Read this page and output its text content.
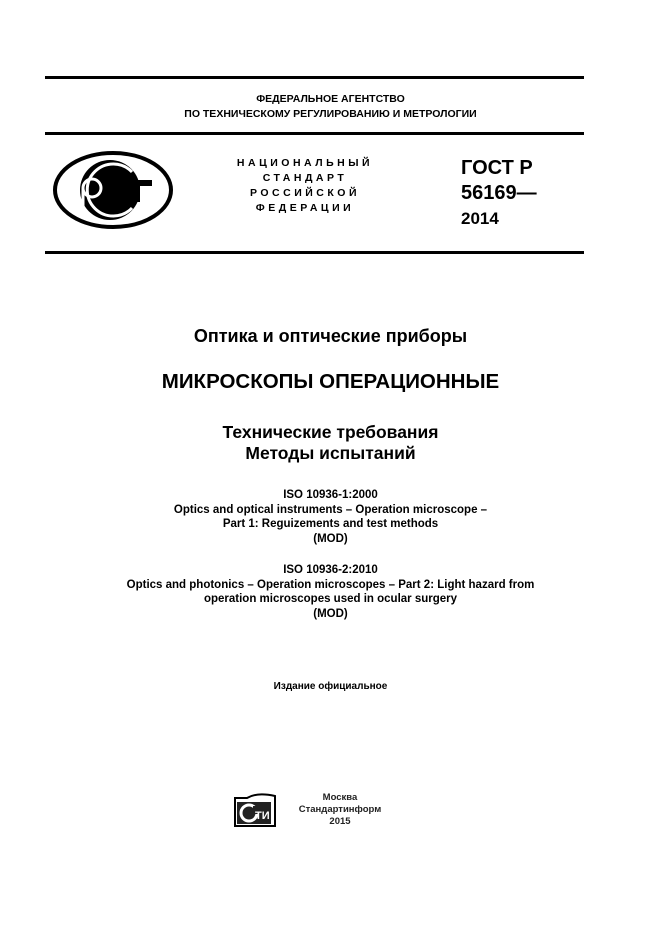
ФЕДЕРАЛЬНОЕ АГЕНТСТВО
ПО ТЕХНИЧЕСКОМУ РЕГУЛИРОВАНИЮ И МЕТРОЛОГИИ
НАЦИОНАЛЬНЫЙ
СТАНДАРТ
РОССИЙСКОЙ
ФЕДЕРАЦИИ
ГОСТ Р
56169—
2014
Оптика и оптические приборы
МИКРОСКОПЫ ОПЕРАЦИОННЫЕ
Технические требования
Методы испытаний
ISO 10936-1:2000
Optics and optical instruments – Operation microscope –
Part 1: Reguizements and test methods
(MOD)
ISO 10936-2:2010
Optics and photonics – Operation microscopes – Part 2: Light hazard from
operation microscopes used in ocular surgery
(MOD)
Издание официальное
ТИ
Москва
Стандартинформ
2015
